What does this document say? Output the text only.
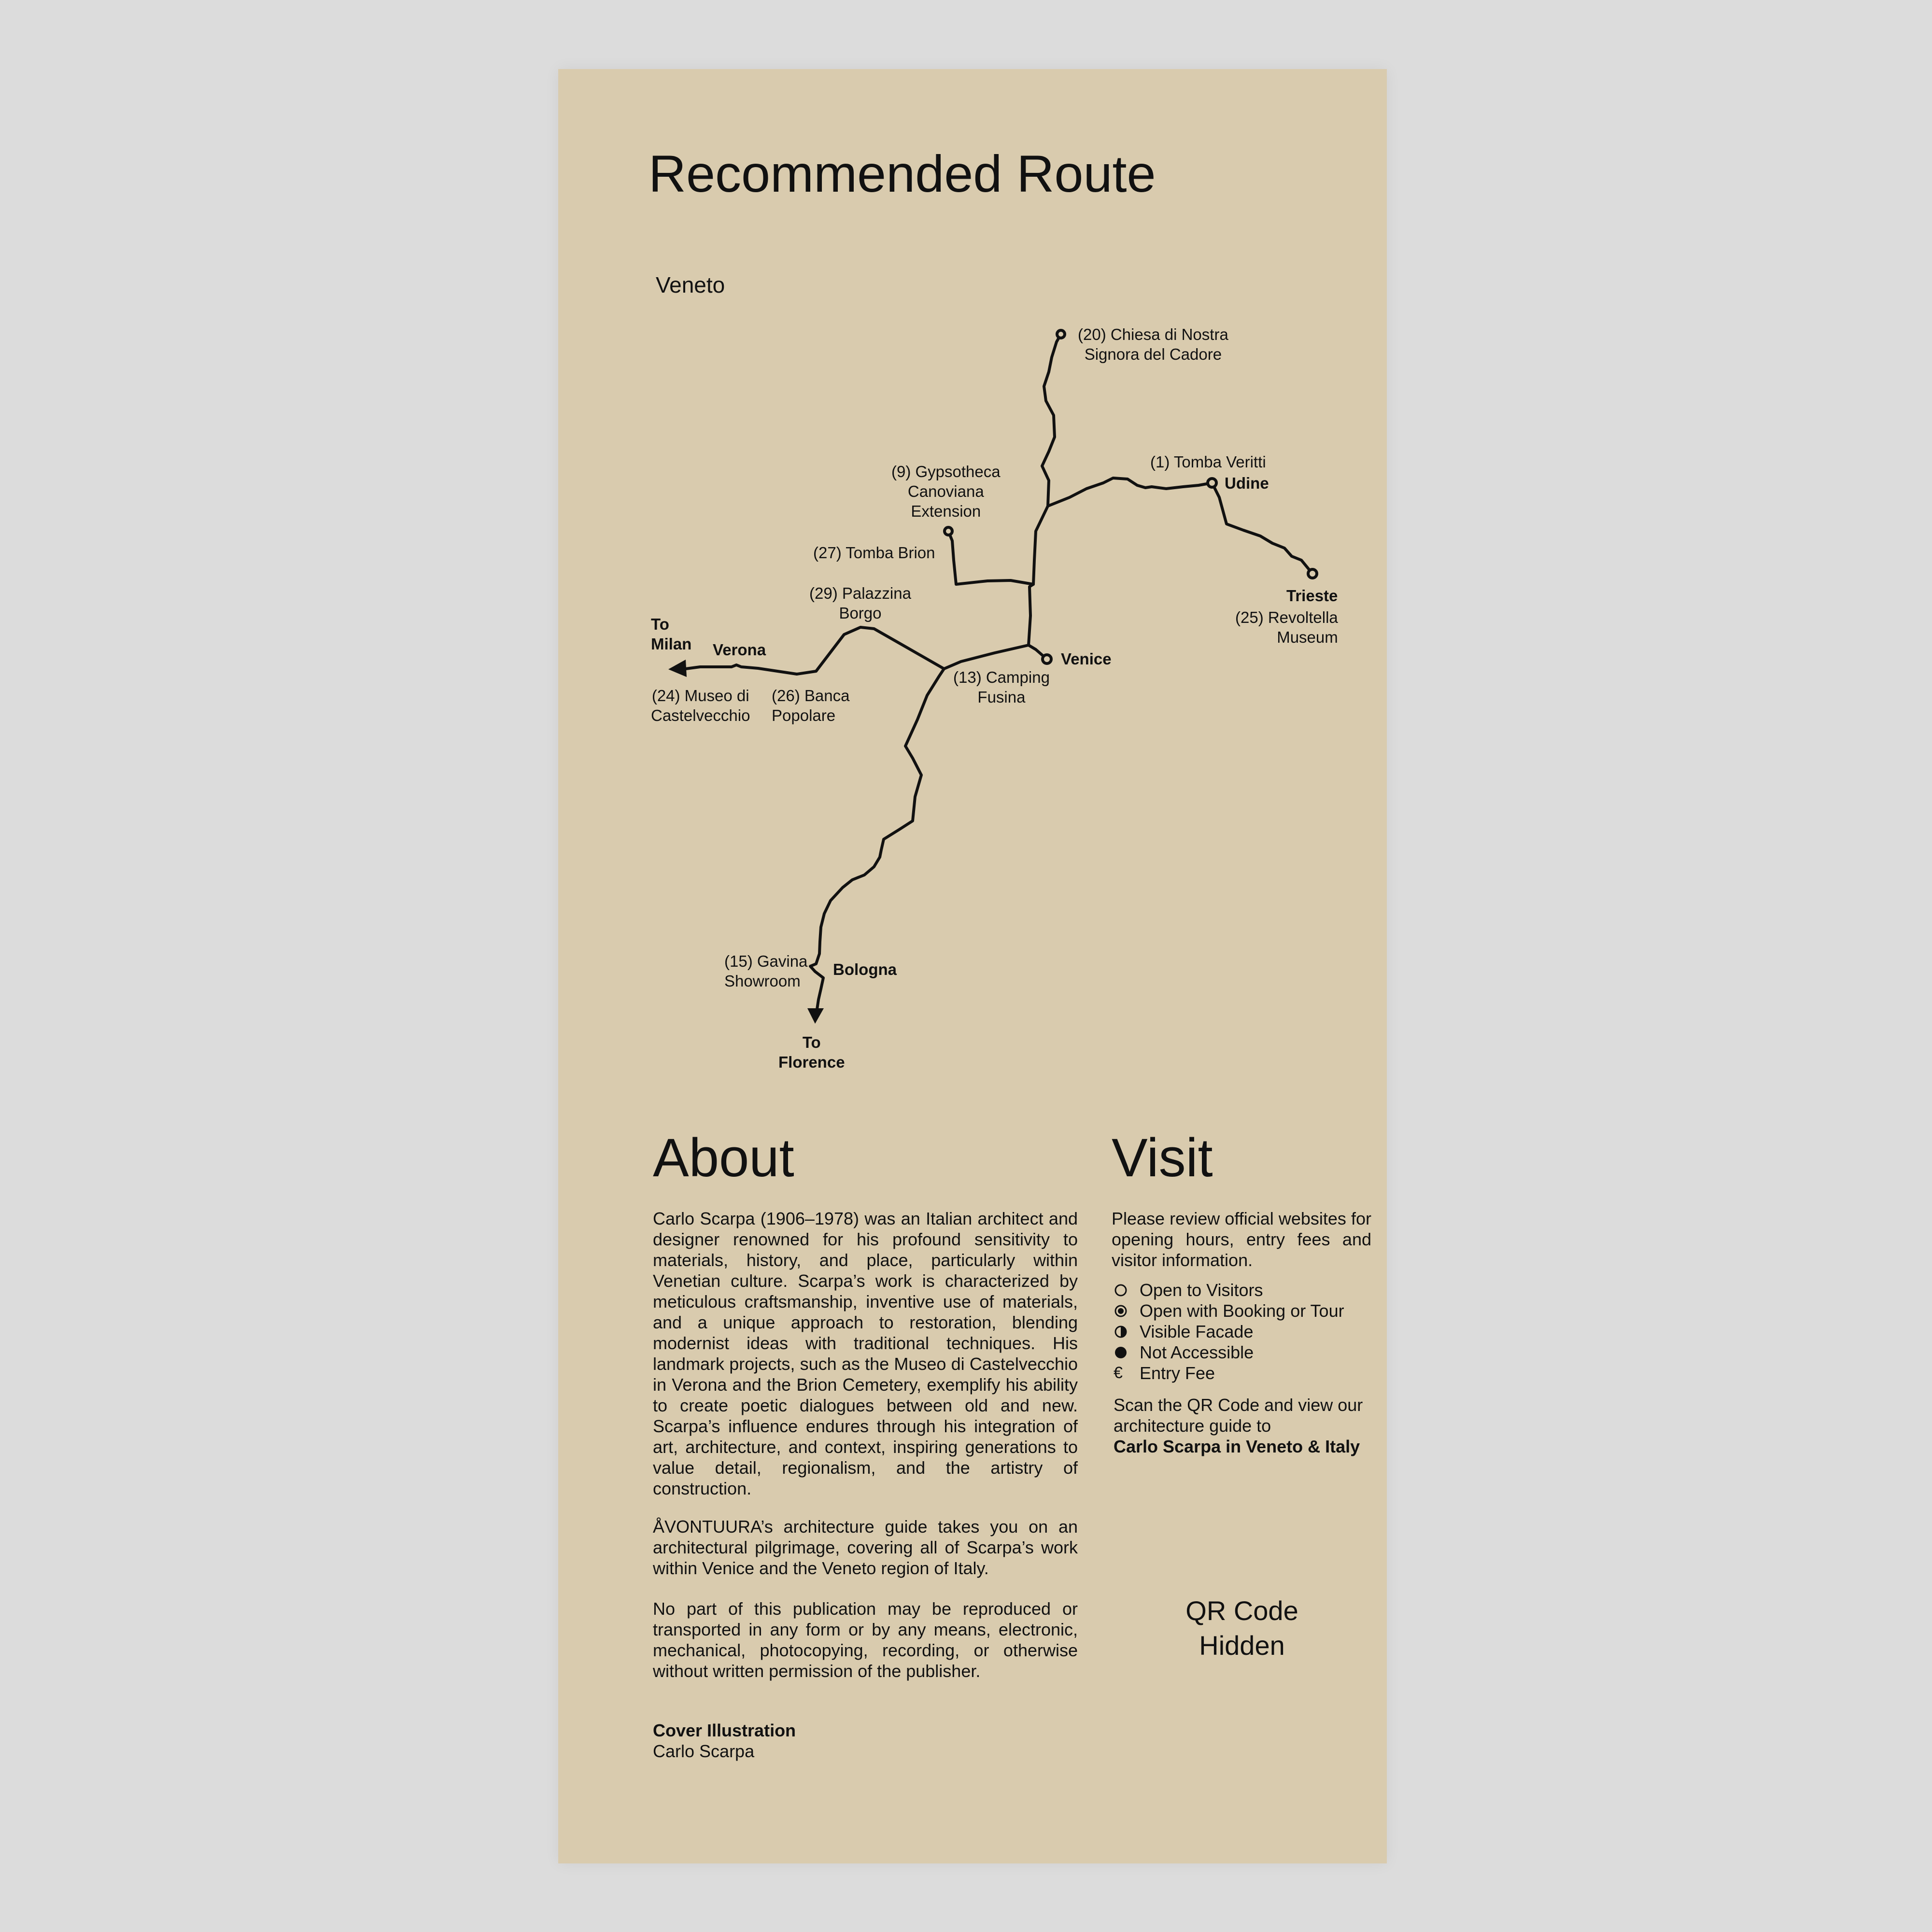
Recommended Route
Veneto
(20) Chiesa di Nostra
Signora del Cadore
(1) Tomba Veritti
Udine
(9) Gypsotheca
Canoviana
Extension
(27) Tomba Brion
Trieste
(25) Revoltella
Museum
(29) Palazzina
Borgo
To
Milan Verona
Venice
(13) Camping
Fusina
(24) Museo di
Castelvecchio
(26) Banca
Popolare
(15) Gavina
Showroom
Bologna
To
Florence
About
Carlo Scarpa (1906–1978) was an Italian architect and designer renowned for his profound sensitivity to materials, history, and place, particularly within Venetian culture. Scarpa’s work is characterized by meticulous craftsmanship, inventive use of materials, and a unique approach to restoration, blending modernist ideas with traditional techniques. His landmark projects, such as the Museo di Castelvecchio in Verona and the Brion Cemetery, exemplify his ability to create poetic dialogues between old and new. Scarpa’s influence endures through his integration of art, architecture, and context, inspiring generations to value detail, regionalism, and the artistry of construction.
ÅVONTUURA’s architecture guide takes you on an architectural pilgrimage, covering all of Scarpa’s work within Venice and the Veneto region of Italy.
No part of this publication may be reproduced or transported in any form or by any means, electronic, mechanical, photocopying, recording, or otherwise without written permission of the publisher.
Cover Illustration
Carlo Scarpa
Visit
Please review official websites for opening hours, entry fees and visitor information.
Open to Visitors
Open with Booking or Tour
Visible Facade
Not Accessible
€ Entry Fee
Scan the QR Code and view our architecture guide to
Carlo Scarpa in Veneto & Italy
QR Code
Hidden
